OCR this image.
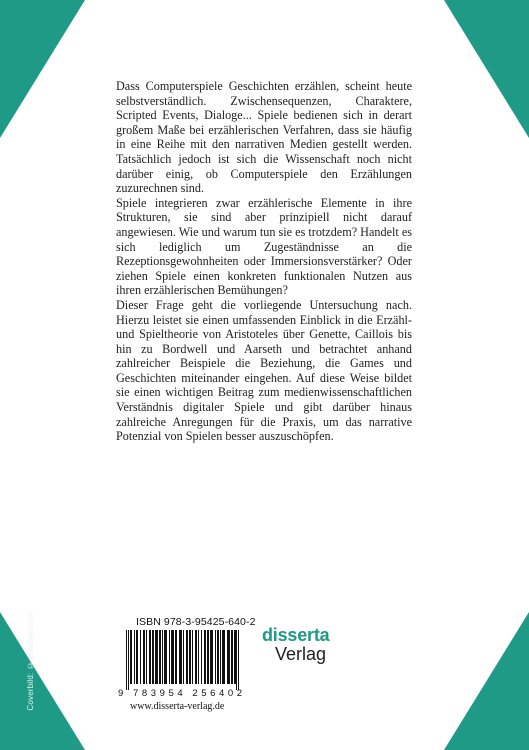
Coverbild: © pixabay.com

Dass Computerspiele Geschichten erzählen, scheint heute selbstverständlich. Zwischensequenzen, Charaktere, Scripted Events, Dialoge... Spiele bedienen sich in derart großem Maße bei erzählerischen Verfahren, dass sie häufig in eine Reihe mit den narrativen Medien gestellt werden. Tatsächlich jedoch ist sich die Wissenschaft noch nicht darüber einig, ob Computerspiele den Erzählungen zuzurechnen sind.

Spiele integrieren zwar erzählerische Elemente in ihre Strukturen, sie sind aber prinzipiell nicht darauf angewiesen. Wie und warum tun sie es trotzdem? Handelt es sich lediglich um Zugeständnisse an die Rezeptionsgewohnheiten oder Immersionsverstärker? Oder ziehen Spiele einen konkreten funktionalen Nutzen aus ihren erzählerischen Bemühungen?

Dieser Frage geht die vorliegende Untersuchung nach. Hierzu leistet sie einen umfassenden Einblick in die Erzähl- und Spieltheorie von Aristoteles über Genette, Caillois bis hin zu Bordwell und Aarseth und betrachtet anhand zahlreicher Beispiele die Beziehung, die Games und Geschichten miteinander eingehen. Auf diese Weise bildet sie einen wichtigen Beitrag zum medienwissenschaftlichen Verständnis digitaler Spiele und gibt darüber hinaus zahlreiche Anregungen für die Praxis, um das narrative Potenzial von Spielen besser auszuschöpfen.

ISBN 978-3-95425-640-2
9 783954 256402
www.disserta-verlag.de
disserta
Verlag
